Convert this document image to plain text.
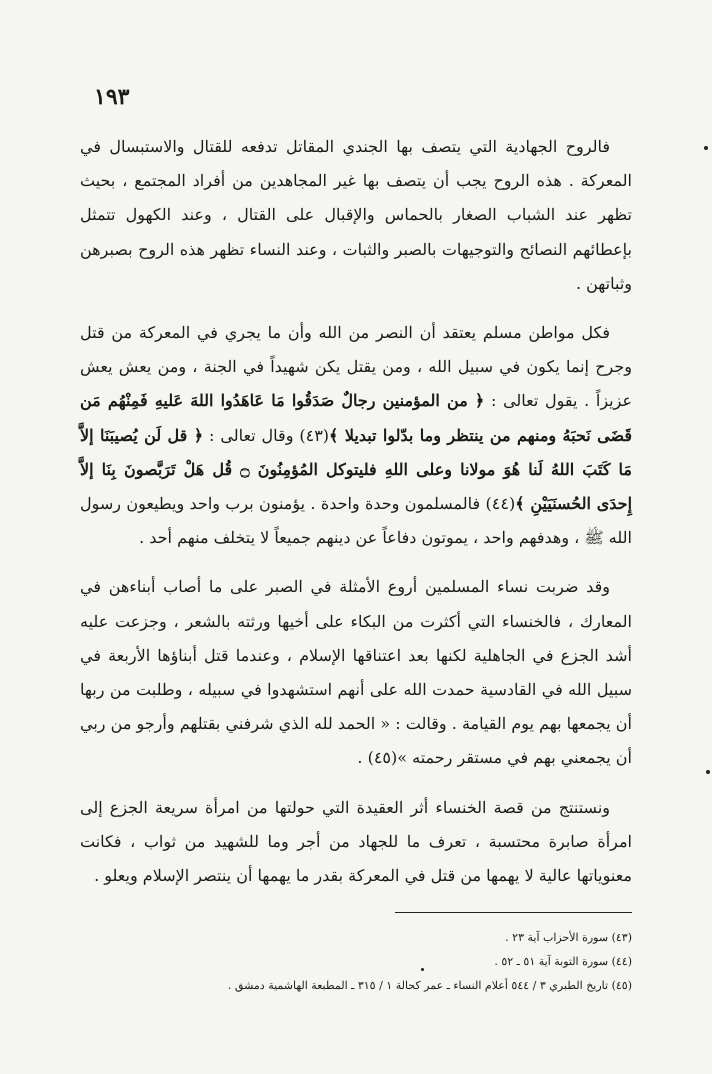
١٩٣

فالروح الجهادية التي يتصف بها الجندي المقاتل تدفعه للقتال والاستبسال في المعركة . هذه الروح يجب أن يتصف بها غير المجاهدين من أفراد المجتمع ، بحيث تظهر عند الشباب الصغار بالحماس والإقبال على القتال ، وعند الكهول تتمثل بإعطائهم النصائح والتوجيهات بالصبر والثبات ، وعند النساء تظهر هذه الروح بصبرهن وثباتهن .

فكل مواطن مسلم يعتقد أن النصر من الله وأن ما يجري في المعركة من قتل وجرح إنما يكون في سبيل الله ، ومن يقتل يكن شهيداً في الجنة ، ومن يعش يعش عزيزاً . يقول تعالى : ﴿ من المؤمنين رجالٌ صَدَقُوا مَا عَاهَدُوا اللهَ عَليهِ فَمِنْهُم مَن قَضَى نَحبَهُ ومنهم من ينتظر وما بدّلوا تبديلا ﴾(٤٣) وقال تعالى : ﴿ قل لَن يُصيبَنَا إلاَّ مَا كَتَبَ اللهُ لَنا هُوَ مولانا وعلى اللهِ فليتوكل المُؤمِنُونَ ۝ قُل هَلْ تَرَبَّصونَ بِنَا إلاَّ إِحدَى الحُسنَيَيْنِ ﴾(٤٤) فالمسلمون وحدة واحدة . يؤمنون برب واحد ويطيعون رسول الله ﷺ ، وهدفهم واحد ، يموتون دفاعاً عن دينهم جميعاً لا يتخلف منهم أحد .

وقد ضربت نساء المسلمين أروع الأمثلة في الصبر على ما أصاب أبناءهن في المعارك ، فالخنساء التي أكثرت من البكاء على أخيها ورثته بالشعر ، وجزعت عليه أشد الجزع في الجاهلية لكنها بعد اعتناقها الإسلام ، وعندما قتل أبناؤها الأربعة في سبيل الله في القادسية حمدت الله على أنهم استشهدوا في سبيله ، وطلبت من ربها أن يجمعها بهم يوم القيامة . وقالت : « الحمد لله الذي شرفني بقتلهم وأرجو من ربي أن يجمعني بهم في مستقر رحمته »(٤٥) .

ونستنتج من قصة الخنساء أثر العقيدة التي حولتها من امرأة سريعة الجزع إلى امرأة صابرة محتسبة ، تعرف ما للجهاد من أجر وما للشهيد من ثواب ، فكانت معنوياتها عالية لا يهمها من قتل في المعركة بقدر ما يهمها أن ينتصر الإسلام ويعلو .

(٤٣) سورة الأحزاب آية ٢٣ .

(٤٤) سورة التوبة آية ٥١ ـ ٥٢ .

(٤٥) تاريخ الطبري ٣ / ٥٤٤ أعلام النساء ـ عمر كحالة ١ / ٣١٥ ـ المطبعة الهاشمية دمشق .
